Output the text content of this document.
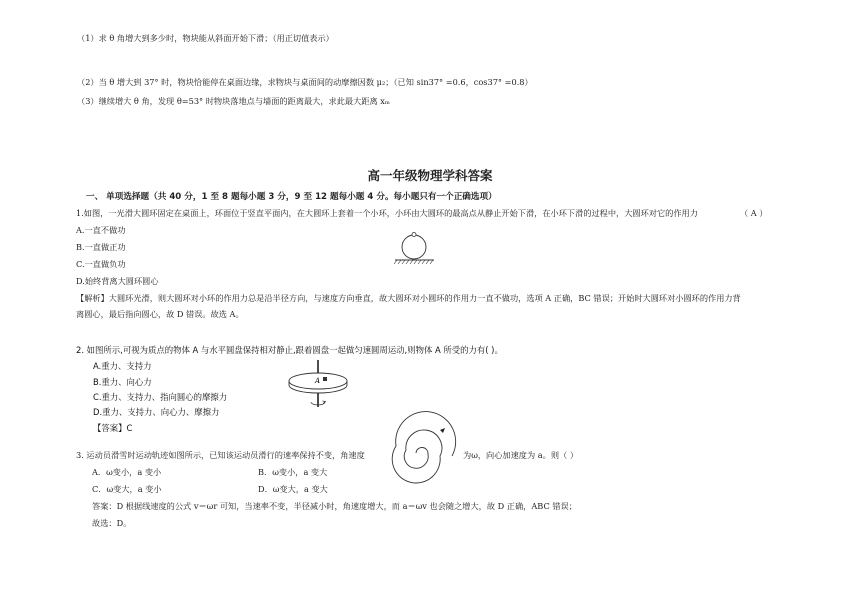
（1）求 θ 角增大到多少时，物块能从斜面开始下滑；（用正切值表示）
（2）当 θ 增大到 37° 时，物块恰能停在桌面边缘，求物块与桌面间的动摩擦因数 μ₂；（已知 sin37° =0.6，cos37° =0.8）
（3）继续增大 θ 角，发现 θ=53° 时物块落地点与墙面的距离最大，求此最大距离 xₘ
高一年级物理学科答案
一、 单项选择题（共 40 分，1 至 8 题每小题 3 分，9 至 12 题每小题 4 分。每小题只有一个正确选项）
1.如图，一光滑大圆环固定在桌面上，环面位于竖直平面内，在大圆环上套着一个小环，小环由大圆环的最高点从静止开始下滑，在小环下滑的过程中，大圆环对它的作用力	（ A ）
A.一直不做功
B.一直做正功
C.一直做负功
D.始终背离大圆环圆心
【解析】大圆环光滑，则大圆环对小环的作用力总是沿半径方向，与速度方向垂直，故大圆环对小圆环的作用力一直不做功，选项 A 正确，BC 错误；开始时大圆环对小圆环的作用力背
离圆心，最后指向圆心，故 D 错误。故选 A。
2. 如图所示,可视为质点的物体 A 与水平圆盘保持相对静止,跟着圆盘一起做匀速圆周运动,则物体 A 所受的力有( )。
A.重力、支持力
B.重力、向心力
C.重力、支持力、指向圆心的摩擦力
D.重力、支持力、向心力、摩擦力
【答案】C
A
3. 运动员滑雪时运动轨迹如图所示，已知该运动员滑行的速率保持不变，角速度	为ω，向心加速度为 a。则（ ）
A．ω变小，a 变小	B．ω变小，a 变大
C．ω变大，a 变小	D．ω变大，a 变大
答案：D 根据线速度的公式 v＝ωr 可知，当速率不变，半径减小时，角速度增大，而 a＝ωv 也会随之增大，故 D 正确，ABC 错误；
故选：D。
